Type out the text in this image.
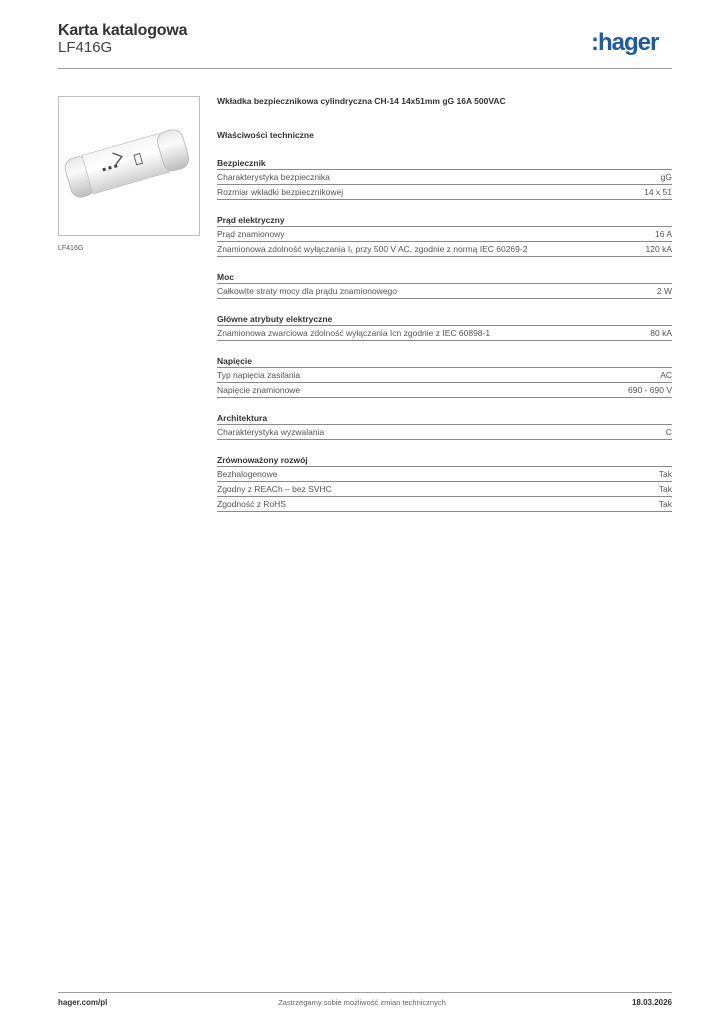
Karta katalogowa
LF416G	:hager
LF416G
Wkładka bezpiecznikowa cylindryczna CH-14 14x51mm gG 16A 500VAC
Właściwości techniczne
Bezpiecznik
Charakterystyka bezpiecznika	gG
Rozmiar wkładki bezpiecznikowej	14 x 51
Prąd elektryczny
Prąd znamionowy	16 A
Znamionowa zdolność wyłączania I₁ przy 500 V AC, zgodnie z normą IEC 60269-2	120 kA
Moc
Całkowite straty mocy dla prądu znamionowego	2 W
Główne atrybuty elektryczne
Znamionowa zwarciowa zdolność wyłączania Icn zgodnie z IEC 60898-1	80 kA
Napięcie
Typ napięcia zasilania	AC
Napięcie znamionowe	690 - 690 V
Architektura
Charakterystyka wyzwalania	C
Zrównoważony rozwój
Bezhalogenowe	Tak
Zgodny z REACh – bez SVHC	Tak
Zgodność z RoHS	Tak
hager.com/pl	Zastrzegamy sobie możliwość zmian technicznych	18.03.2026
